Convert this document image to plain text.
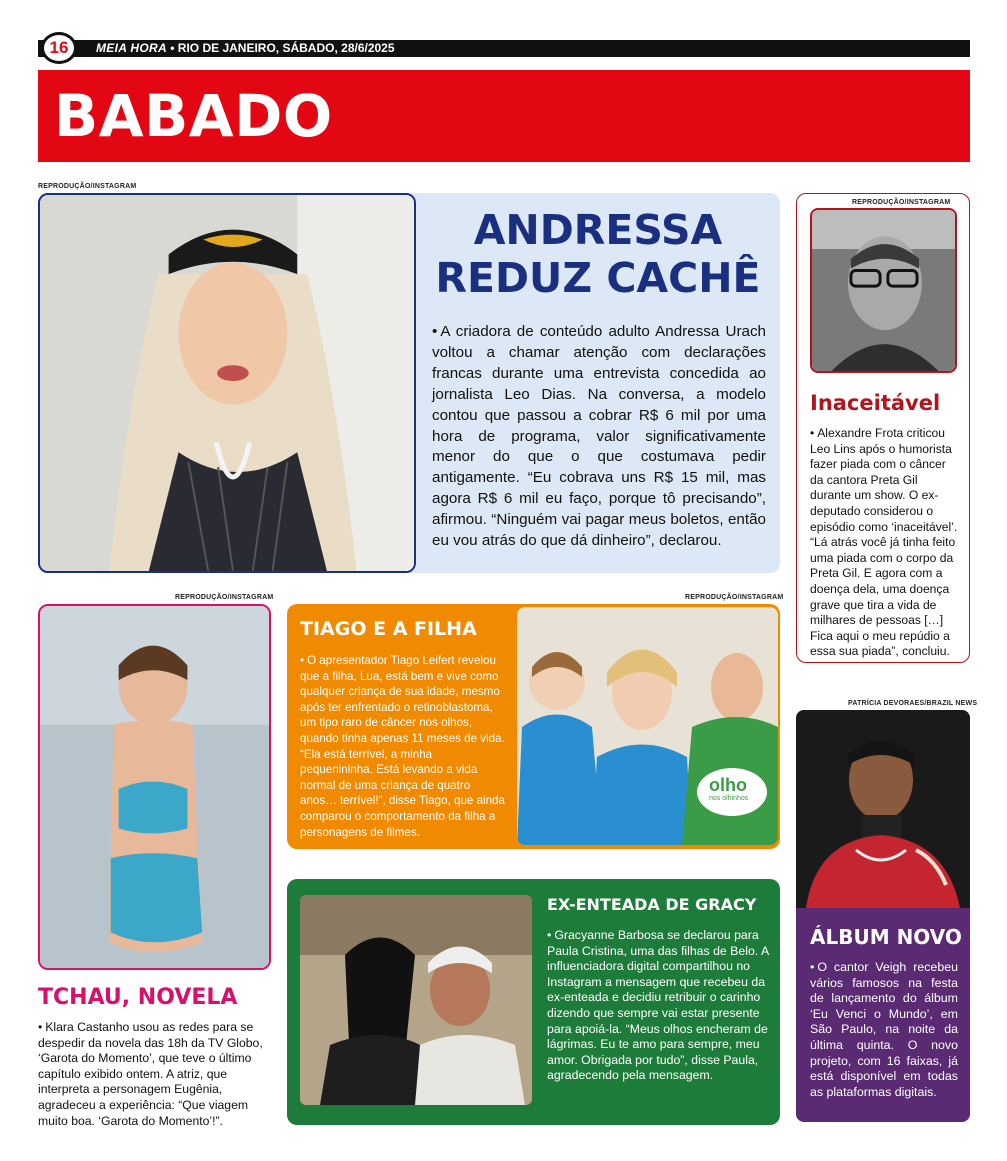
MEIA HORA • RIO DE JANEIRO, SÁBADO, 28/6/2025
16
BABADO
REPRODUÇÃO/INSTAGRAM
ANDRESSA
REDUZ CACHÊ
• A criadora de conteúdo adulto Andressa Urach voltou a chamar atenção com declarações francas durante uma entrevista concedida ao jornalista Leo Dias. Na conversa, a modelo contou que passou a cobrar R$ 6 mil por uma hora de programa, valor significativamente menor do que o que costumava pedir antigamente. “Eu cobrava uns R$ 15 mil, mas agora R$ 6 mil eu faço, porque tô precisando”, afirmou. “Ninguém vai pagar meus boletos, então eu vou atrás do que dá dinheiro”, declarou.
REPRODUÇÃO/INSTAGRAM
Inaceitável
• Alexandre Frota criticou Leo Lins após o humorista fazer piada com o câncer da cantora Preta Gil durante um show. O ex-deputado considerou o episódio como ‘inaceitável’. “Lá atrás você já tinha feito uma piada com o corpo da Preta Gil. E agora com a doença dela, uma doença grave que tira a vida de milhares de pessoas […] Fica aqui o meu repúdio a essa sua piada”, concluiu.
REPRODUÇÃO/INSTAGRAM
TCHAU, NOVELA
• Klara Castanho usou as redes para se despedir da novela das 18h da TV Globo, ‘Garota do Momento’, que teve o último capítulo exibido ontem. A atriz, que interpreta a personagem Eugênia, agradeceu a experiência: “Que viagem muito boa. ‘Garota do Momento’!”.
REPRODUÇÃO/INSTAGRAM
TIAGO E A FILHA
• O apresentador Tiago Leifert revelou que a filha, Lua, está bem e vive como qualquer criança de sua idade, mesmo após ter enfrentado o retinoblastoma, um tipo raro de câncer nos olhos, quando tinha apenas 11 meses de vida. “Ela está terrível, a minha pequenininha. Está levando a vida normal de uma criança de quatro anos… terrível!”, disse Tiago, que ainda comparou o comportamento da filha a personagens de filmes.
olho
nos olhinhos
EX-ENTEADA DE GRACY
• Gracyanne Barbosa se declarou para Paula Cristina, uma das filhas de Belo. A influenciadora digital compartilhou no Instagram a mensagem que recebeu da ex-enteada e decidiu retribuir o carinho dizendo que sempre vai estar presente para apoiá-la. “Meus olhos encheram de lágrimas. Eu te amo para sempre, meu amor. Obrigada por tudo”, disse Paula, agradecendo pela mensagem.
PATRÍCIA DEVORAES/BRAZIL NEWS
ÁLBUM NOVO
• O cantor Veigh recebeu vários famosos na festa de lançamento do álbum ‘Eu Venci o Mundo’, em São Paulo, na noite da última quinta. O novo projeto, com 16 faixas, já está disponível em todas as plataformas digitais.
